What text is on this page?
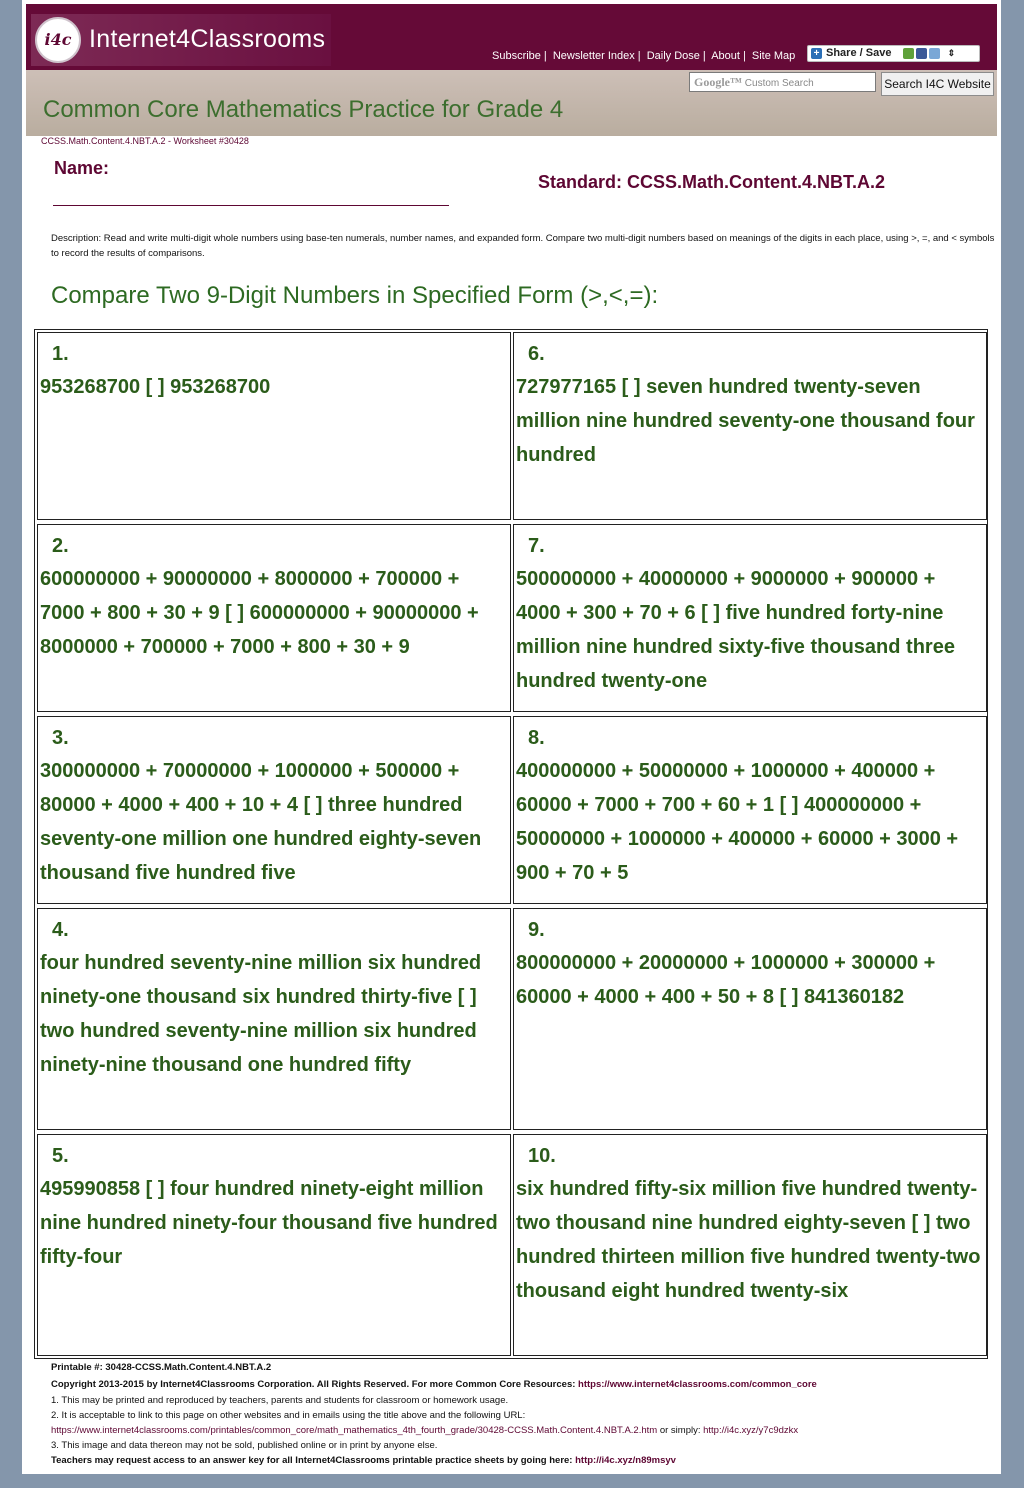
i4c Internet4Classrooms
Subscribe | Newsletter Index | Daily Dose | About | Site Map	+ Share / Save	⇕
Google™ Custom Search	Search I4C Website
Common Core Mathematics Practice for Grade 4
CCSS.Math.Content.4.NBT.A.2 - Worksheet #30428
Name:
Standard: CCSS.Math.Content.4.NBT.A.2
Description: Read and write multi-digit whole numbers using base-ten numerals, number names, and expanded form. Compare two multi-digit numbers based on meanings of the digits in each place, using >, =, and < symbols to record the results of comparisons.
Compare Two 9-Digit Numbers in Specified Form (>,<,=):
1.
953268700 [ ] 953268700
2.
600000000 + 90000000 + 8000000 + 700000 + 7000 + 800 + 30 + 9 [ ] 600000000 + 90000000 + 8000000 + 700000 + 7000 + 800 + 30 + 9
3.
300000000 + 70000000 + 1000000 + 500000 + 80000 + 4000 + 400 + 10 + 4 [ ] three hundred seventy-one million one hundred eighty-seven thousand five hundred five
4.
four hundred seventy-nine million six hundred ninety-one thousand six hundred thirty-five [ ] two hundred seventy-nine million six hundred ninety-nine thousand one hundred fifty
5.
495990858 [ ] four hundred ninety-eight million nine hundred ninety-four thousand five hundred fifty-four
6.
727977165 [ ] seven hundred twenty-seven million nine hundred seventy-one thousand four hundred
7.
500000000 + 40000000 + 9000000 + 900000 + 4000 + 300 + 70 + 6 [ ] five hundred forty-nine million nine hundred sixty-five thousand three hundred twenty-one
8.
400000000 + 50000000 + 1000000 + 400000 + 60000 + 7000 + 700 + 60 + 1 [ ] 400000000 + 50000000 + 1000000 + 400000 + 60000 + 3000 + 900 + 70 + 5
9.
800000000 + 20000000 + 1000000 + 300000 + 60000 + 4000 + 400 + 50 + 8 [ ] 841360182
10.
six hundred fifty-six million five hundred twenty-two thousand nine hundred eighty-seven [ ] two hundred thirteen million five hundred twenty-two thousand eight hundred twenty-six
Printable #: 30428-CCSS.Math.Content.4.NBT.A.2
Copyright 2013-2015 by Internet4Classrooms Corporation. All Rights Reserved. For more Common Core Resources: https://www.internet4classrooms.com/common_core
1. This may be printed and reproduced by teachers, parents and students for classroom or homework usage.
2. It is acceptable to link to this page on other websites and in emails using the title above and the following URL:
https://www.internet4classrooms.com/printables/common_core/math_mathematics_4th_fourth_grade/30428-CCSS.Math.Content.4.NBT.A.2.htm or simply: http://i4c.xyz/y7c9dzkx
3. This image and data thereon may not be sold, published online or in print by anyone else.
Teachers may request access to an answer key for all Internet4Classrooms printable practice sheets by going here: http://i4c.xyz/n89msyv
